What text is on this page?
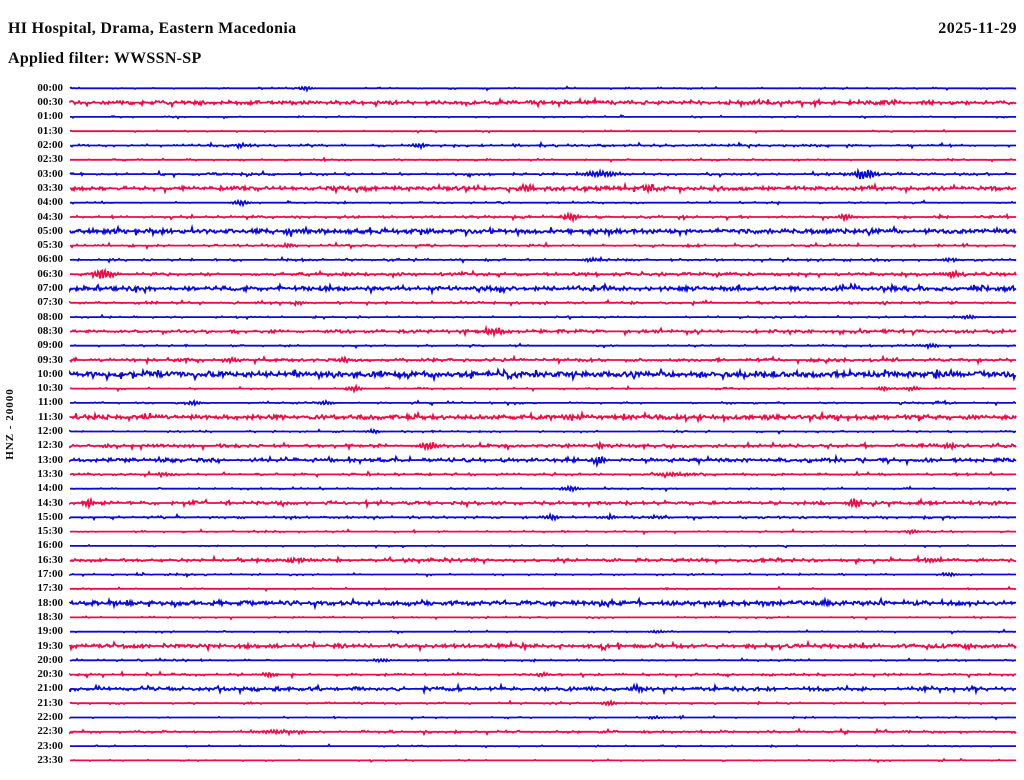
HI Hospital, Drama, Eastern Macedonia	2025-11-29
Applied filter: WWSSN-SP
HNZ - 20000
00:00
00:30
01:00
01:30
02:00
02:30
03:00
03:30
04:00
04:30
05:00
05:30
06:00
06:30
07:00
07:30
08:00
08:30
09:00
09:30
10:00
10:30
11:00
11:30
12:00
12:30
13:00
13:30
14:00
14:30
15:00
15:30
16:00
16:30
17:00
17:30
18:00
18:30
19:00
19:30
20:00
20:30
21:00
21:30
22:00
22:30
23:00
23:30
